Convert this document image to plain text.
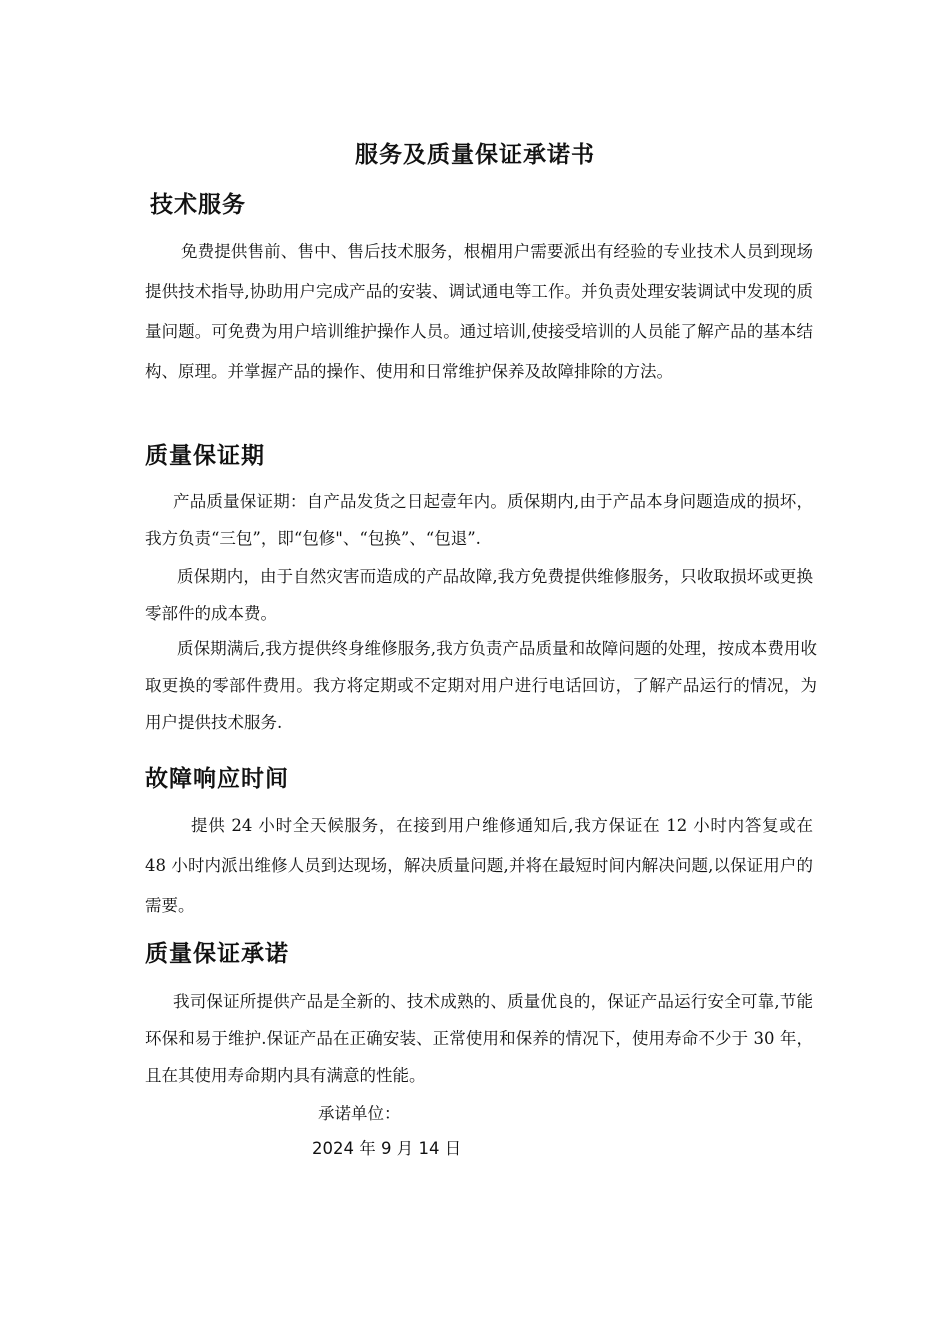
服务及质量保证承诺书
技术服务

免费提供售前、售中、售后技术服务，根楣用户需要派出有经验的专业技术人员到现场提供技术指导,协助用户完成产品的安装、调试通电等工作。并负责处理安装调试中发现的质量问题。可免费为用户培训维护操作人员。通过培训,使接受培训的人员能了解产品的基本结构、原理。并掌握产品的操作、使用和日常维护保养及故障排除的方法。

质量保证期

产品质量保证期：自产品发货之日起壹年内。质保期内,由于产品本身问题造成的损坏，我方负责“三包”，即“包修"、“包换”、“包退”.

质保期内，由于自然灾害而造成的产品故障,我方免费提供维修服务，只收取损坏或更换零部件的成本费。

质保期满后,我方提供终身维修服务,我方负责产品质量和故障问题的处理，按成本费用收取更换的零部件费用。我方将定期或不定期对用户进行电话回访，了解产品运行的情况，为用户提供技术服务.

故障响应时间

提供 24 小时全天候服务，在接到用户维修通知后,我方保证在 12 小时内答复或在 48 小时内派出维修人员到达现场，解决质量问题,并将在最短时间内解决问题,以保证用户的需要。

质量保证承诺

我司保证所提供产品是全新的、技术成熟的、质量优良的，保证产品运行安全可靠,节能环保和易于维护.保证产品在正确安装、正常使用和保养的情况下，使用寿命不少于 30 年，且在其使用寿命期内具有满意的性能。

承诺单位：

2024 年 9 月 14 日
